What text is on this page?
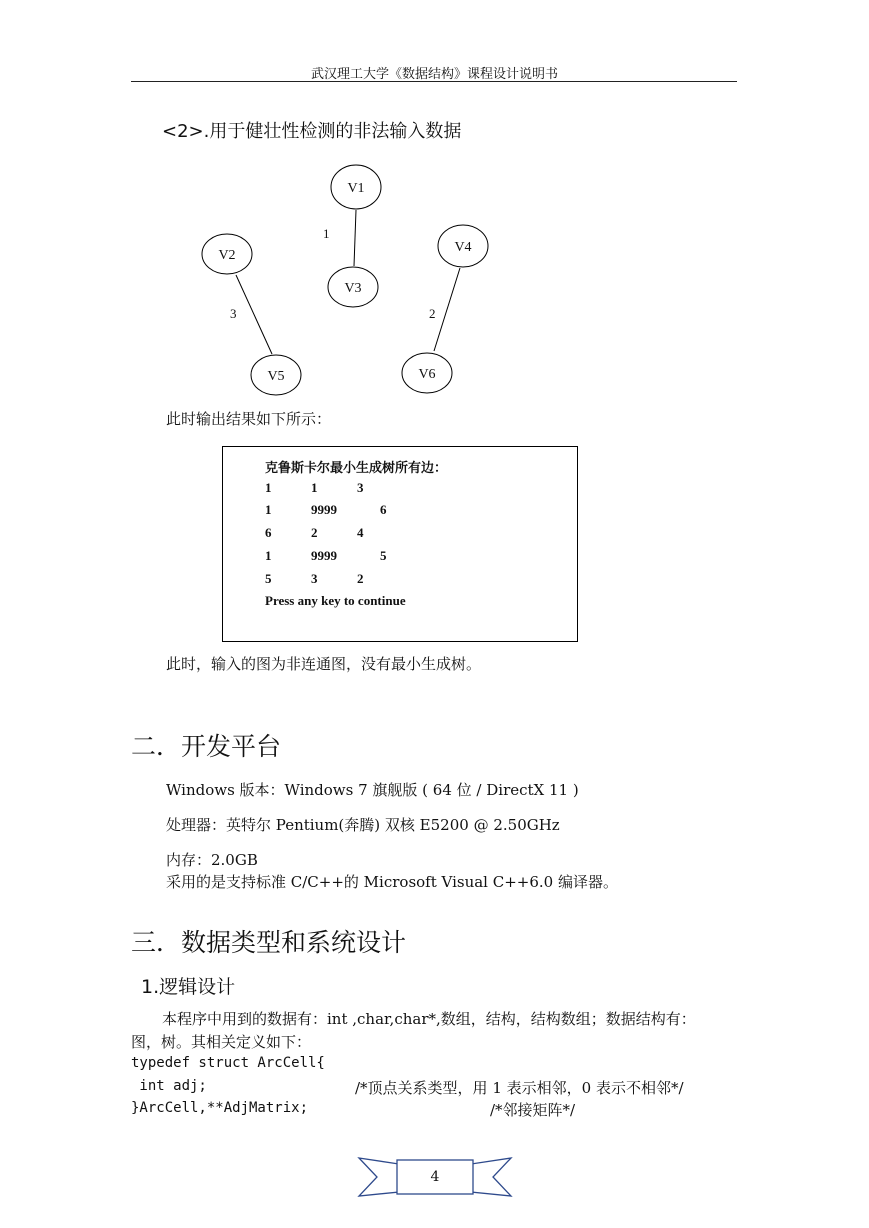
武汉理工大学《数据结构》课程设计说明书
<2>.用于健壮性检测的非法输入数据
1
3	2
V1
V2
V3
V4
V5	V6
此时输出结果如下所示：
克鲁斯卡尔最小生成树所有边：
1	1	3
1	9999	6
6	2	4
1	9999	5
5	3	2
Press any key to continue
此时，输入的图为非连通图，没有最小生成树。
二．开发平台
Windows 版本：Windows 7 旗舰版 ( 64 位 / DirectX 11 )
处理器：英特尔 Pentium(奔腾) 双核 E5200 @ 2.50GHz
内存：2.0GB
采用的是支持标准 C/C++的 Microsoft Visual C++6.0 编译器。
三．数据类型和系统设计
1.逻辑设计
本程序中用到的数据有：int ,char,char*,数组，结构，结构数组；数据结构有：
图，树。其相关定义如下：
typedef struct ArcCell{
int adj;	/*顶点关系类型，用 1 表示相邻，0 表示不相邻*/
}ArcCell,**AdjMatrix;	/*邻接矩阵*/
4
